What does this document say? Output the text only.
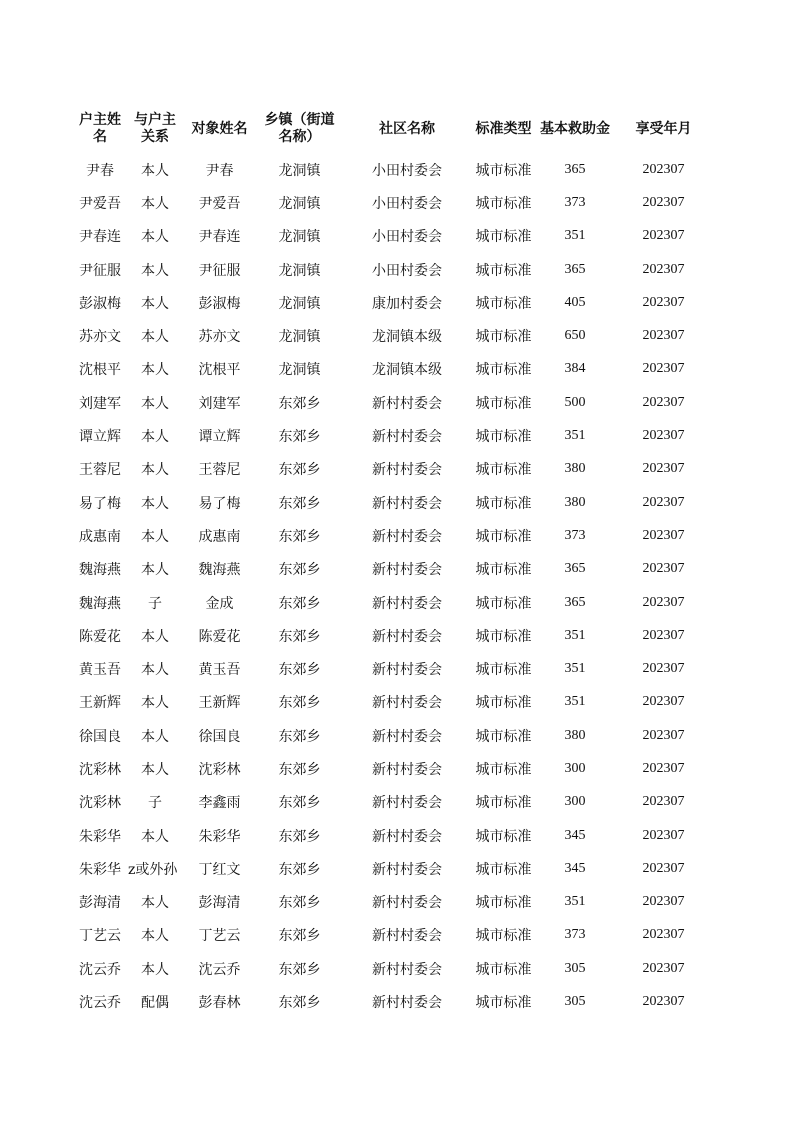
户主姓名	与户主关系	对象姓名	乡镇（街道名称）	社区名称	标准类型	基本救助金	享受年月
尹春	本人	尹春	龙洞镇	小田村委会	城市标准	365	202307
尹爱吾	本人	尹爱吾	龙洞镇	小田村委会	城市标准	373	202307
尹春连	本人	尹春连	龙洞镇	小田村委会	城市标准	351	202307
尹征服	本人	尹征服	龙洞镇	小田村委会	城市标准	365	202307
彭淑梅	本人	彭淑梅	龙洞镇	康加村委会	城市标准	405	202307
苏亦文	本人	苏亦文	龙洞镇	龙洞镇本级	城市标准	650	202307
沈根平	本人	沈根平	龙洞镇	龙洞镇本级	城市标准	384	202307
刘建军	本人	刘建军	东郊乡	新村村委会	城市标准	500	202307
谭立辉	本人	谭立辉	东郊乡	新村村委会	城市标准	351	202307
王蓉尼	本人	王蓉尼	东郊乡	新村村委会	城市标准	380	202307
易了梅	本人	易了梅	东郊乡	新村村委会	城市标准	380	202307
成惠南	本人	成惠南	东郊乡	新村村委会	城市标准	373	202307
魏海燕	本人	魏海燕	东郊乡	新村村委会	城市标准	365	202307
魏海燕	子	金成	东郊乡	新村村委会	城市标准	365	202307
陈爱花	本人	陈爱花	东郊乡	新村村委会	城市标准	351	202307
黄玉吾	本人	黄玉吾	东郊乡	新村村委会	城市标准	351	202307
王新辉	本人	王新辉	东郊乡	新村村委会	城市标准	351	202307
徐国良	本人	徐国良	东郊乡	新村村委会	城市标准	380	202307
沈彩林	本人	沈彩林	东郊乡	新村村委会	城市标准	300	202307
沈彩林	子	李鑫雨	东郊乡	新村村委会	城市标准	300	202307
朱彩华	本人	朱彩华	东郊乡	新村村委会	城市标准	345	202307
朱彩华	z或外孙	丁红文	东郊乡	新村村委会	城市标准	345	202307
彭海清	本人	彭海清	东郊乡	新村村委会	城市标准	351	202307
丁艺云	本人	丁艺云	东郊乡	新村村委会	城市标准	373	202307
沈云乔	本人	沈云乔	东郊乡	新村村委会	城市标准	305	202307
沈云乔	配偶	彭春林	东郊乡	新村村委会	城市标准	305	202307
